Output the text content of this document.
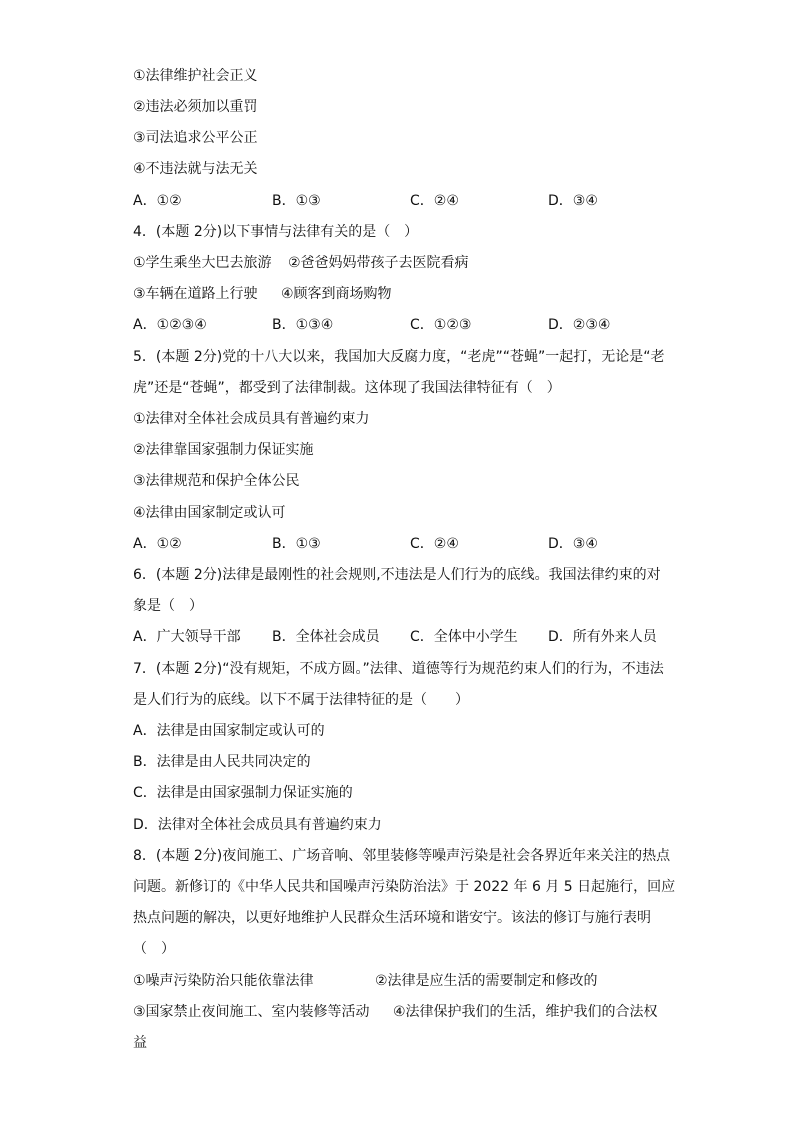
①法律维护社会正义
②违法必须加以重罚
③司法追求公平公正
④不违法就与法无关
A．①②	B．①③	C．②④	D．③④
4．(本题 2分)以下事情与法律有关的是（　）
①学生乘坐大巴去旅游 ②爸爸妈妈带孩子去医院看病
③车辆在道路上行驶 ④顾客到商场购物
A．①②③④	B．①③④	C．①②③	D．②③④
5．(本题 2分)党的十八大以来，我国加大反腐力度，“老虎”“苍蝇”一起打，无论是“老
虎”还是“苍蝇”，都受到了法律制裁。这体现了我国法律特征有（　）
①法律对全体社会成员具有普遍约束力
②法律靠国家强制力保证实施
③法律规范和保护全体公民
④法律由国家制定或认可
A．①②	B．①③	C．②④	D．③④
6．(本题 2分)法律是最刚性的社会规则,不违法是人们行为的底线。我国法律约束的对
象是（　）
A．广大领导干部 B．全体社会成员 C．全体中小学生 D．所有外来人员
7．(本题 2分)“没有规矩，不成方圆。”法律、道德等行为规范约束人们的行为，不违法
是人们行为的底线。以下不属于法律特征的是（　　）
A．法律是由国家制定或认可的
B．法律是由人民共同决定的
C．法律是由国家强制力保证实施的
D．法律对全体社会成员具有普遍约束力
8．(本题 2分)夜间施工、广场音响、邻里装修等噪声污染是社会各界近年来关注的热点
问题。新修订的《中华人民共和国噪声污染防治法》于 2022 年 6 月 5 日起施行，回应
热点问题的解决，以更好地维护人民群众生活环境和谐安宁。该法的修订与施行表明
（　）
①噪声污染防治只能依靠法律	②法律是应生活的需要制定和修改的
③国家禁止夜间施工、室内装修等活动 ④法律保护我们的生活，维护我们的合法权
益
